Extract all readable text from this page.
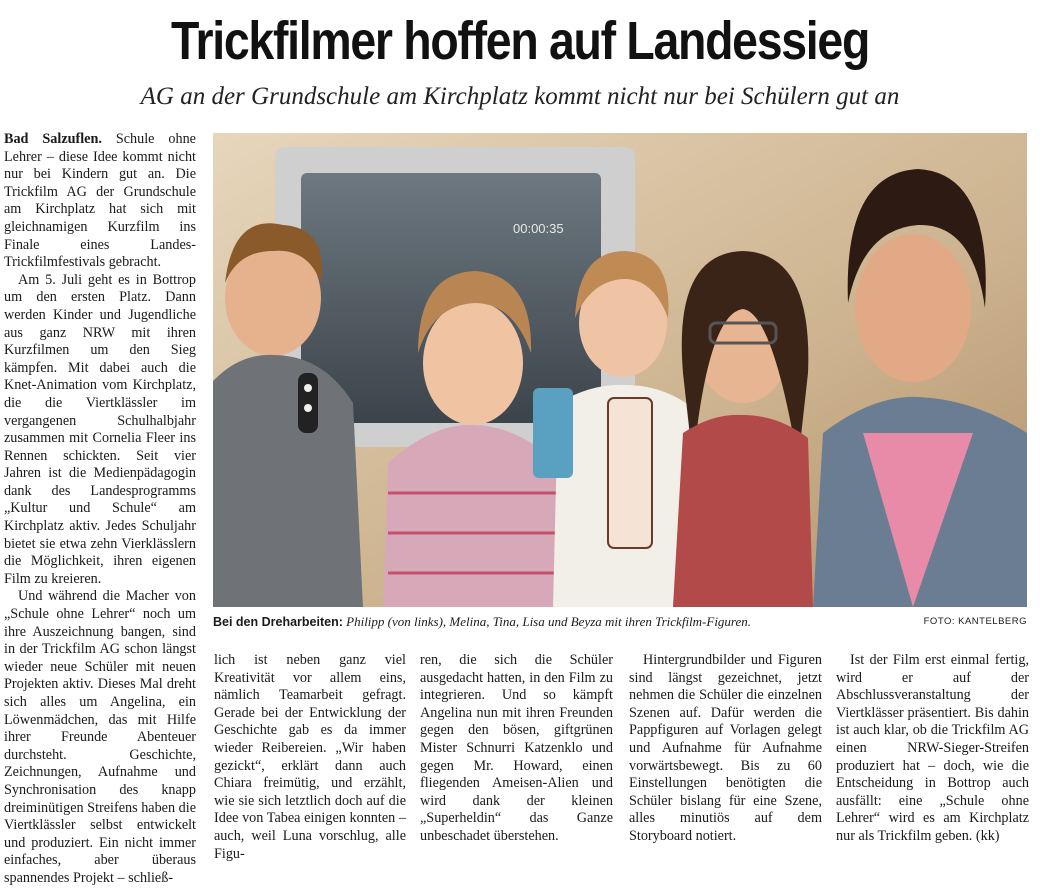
Trickfilmer hoffen auf Landessieg
AG an der Grundschule am Kirchplatz kommt nicht nur bei Schülern gut an

Bad Salzuflen. Schule ohne Lehrer – diese Idee kommt nicht nur bei Kindern gut an. Die Trickfilm AG der Grundschule am Kirchplatz hat sich mit gleichnamigen Kurzfilm ins Finale eines Landes-Trickfilmfestivals gebracht.

Am 5. Juli geht es in Bottrop um den ersten Platz. Dann werden Kinder und Jugendliche aus ganz NRW mit ihren Kurzfilmen um den Sieg kämpfen. Mit dabei auch die Knet-Animation vom Kirchplatz, die die Viertklässler im vergangenen Schulhalbjahr zusammen mit Cornelia Fleer ins Rennen schickten. Seit vier Jahren ist die Medienpädagogin dank des Landesprogramms „Kultur und Schule“ am Kirchplatz aktiv. Jedes Schuljahr bietet sie etwa zehn Vierklässlern die Möglichkeit, ihren eigenen Film zu kreieren.

Und während die Macher von „Schule ohne Lehrer“ noch um ihre Auszeichnung bangen, sind in der Trickfilm AG schon längst wieder neue Schüler mit neuen Projekten aktiv. Dieses Mal dreht sich alles um Angelina, ein Löwenmädchen, das mit Hilfe ihrer Freunde Abenteuer durchsteht. Geschichte, Zeichnungen, Aufnahme und Synchronisation des knapp dreiminütigen Streifens haben die Viertklässler selbst entwickelt und produziert. Ein nicht immer einfaches, aber überaus spannendes Projekt – schließ-

00:00:35
Bei den Dreharbeiten: Philipp (von links), Melina, Tina, Lisa und Beyza mit ihren Trickfilm-Figuren.	FOTO: KANTELBERG

lich ist neben ganz viel Kreativität vor allem eins, nämlich Teamarbeit gefragt. Gerade bei der Entwicklung der Geschichte gab es da immer wieder Reibereien. „Wir haben gezickt“, erklärt dann auch Chiara freimütig, und erzählt, wie sie sich letztlich doch auf die Idee von Tabea einigen konnten – auch, weil Luna vorschlug, alle Figu-

ren, die sich die Schüler ausgedacht hatten, in den Film zu integrieren. Und so kämpft Angelina nun mit ihren Freunden gegen den bösen, giftgrünen Mister Schnurri Katzenklo und gegen Mr. Howard, einen fliegenden Ameisen-Alien und wird dank der kleinen „Superheldin“ das Ganze unbeschadet überstehen.

Hintergrundbilder und Figuren sind längst gezeichnet, jetzt nehmen die Schüler die einzelnen Szenen auf. Dafür werden die Pappfiguren auf Vorlagen gelegt und Aufnahme für Aufnahme vorwärtsbewegt. Bis zu 60 Einstellungen benötigten die Schüler bislang für eine Szene, alles minutiös auf dem Storyboard notiert.

Ist der Film erst einmal fertig, wird er auf der Abschlussveranstaltung der Viertklässer präsentiert. Bis dahin ist auch klar, ob die Trickfilm AG einen NRW-Sieger-Streifen produziert hat – doch, wie die Entscheidung in Bottrop auch ausfällt: eine „Schule ohne Lehrer“ wird es am Kirchplatz nur als Trickfilm geben. (kk)
